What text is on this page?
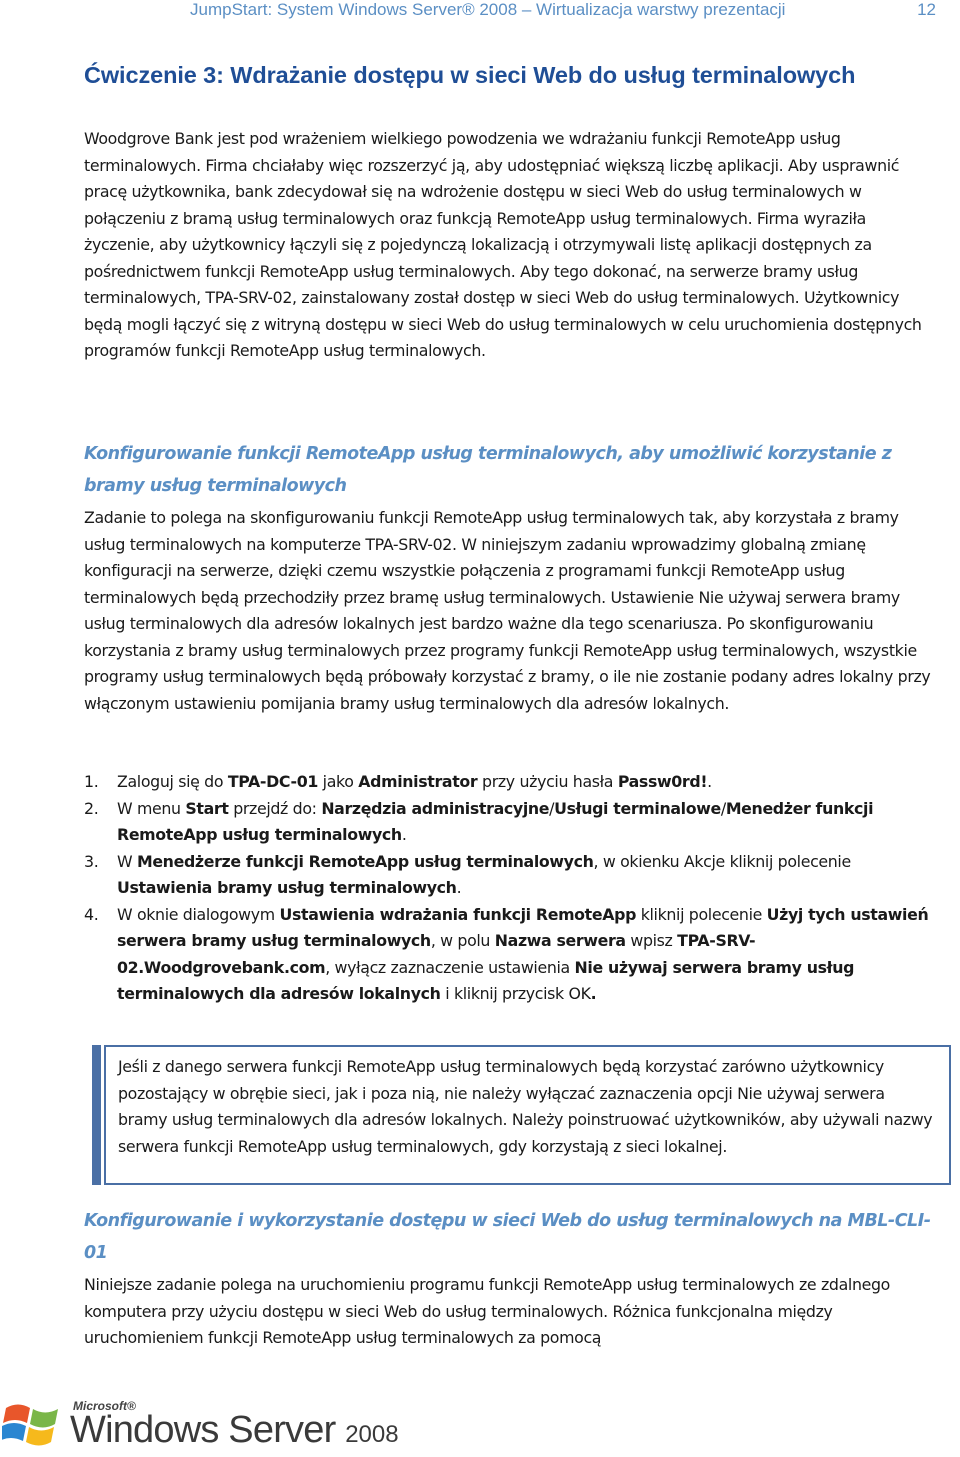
JumpStart: System Windows Server® 2008 – Wirtualizacja warstwy prezentacji	12
Ćwiczenie 3: Wdrażanie dostępu w sieci Web do usług terminalowych

Woodgrove Bank jest pod wrażeniem wielkiego powodzenia we wdrażaniu funkcji RemoteApp usług terminalowych. Firma chciałaby więc rozszerzyć ją, aby udostępniać większą liczbę aplikacji. Aby usprawnić pracę użytkownika, bank zdecydował się na wdrożenie dostępu w sieci Web do usług terminalowych w połączeniu z bramą usług terminalowych oraz funkcją RemoteApp usług terminalowych. Firma wyraziła życzenie, aby użytkownicy łączyli się z pojedynczą lokalizacją i otrzymywali listę aplikacji dostępnych za pośrednictwem funkcji RemoteApp usług terminalowych. Aby tego dokonać, na serwerze bramy usług terminalowych, TPA-SRV-02, zainstalowany został dostęp w sieci Web do usług terminalowych. Użytkownicy będą mogli łączyć się z witryną dostępu w sieci Web do usług terminalowych w celu uruchomienia dostępnych programów funkcji RemoteApp usług terminalowych.

Konfigurowanie funkcji RemoteApp usług terminalowych, aby umożliwić korzystanie z bramy usług terminalowych

Zadanie to polega na skonfigurowaniu funkcji RemoteApp usług terminalowych tak, aby korzystała z bramy usług terminalowych na komputerze TPA-SRV-02. W niniejszym zadaniu wprowadzimy globalną zmianę konfiguracji na serwerze, dzięki czemu wszystkie połączenia z programami funkcji RemoteApp usług terminalowych będą przechodziły przez bramę usług terminalowych. Ustawienie Nie używaj serwera bramy usług terminalowych dla adresów lokalnych jest bardzo ważne dla tego scenariusza. Po skonfigurowaniu korzystania z bramy usług terminalowych przez programy funkcji RemoteApp usług terminalowych, wszystkie programy usług terminalowych będą próbowały korzystać z bramy, o ile nie zostanie podany adres lokalny przy włączonym ustawieniu pomijania bramy usług terminalowych dla adresów lokalnych.

1. Zaloguj się do TPA-DC-01 jako Administrator przy użyciu hasła Passw0rd!.
2. W menu Start przejdź do: Narzędzia administracyjne/Usługi terminalowe/Menedżer funkcji RemoteApp usług terminalowych.
3. W Menedżerze funkcji RemoteApp usług terminalowych, w okienku Akcje kliknij polecenie Ustawienia bramy usług terminalowych.
4. W oknie dialogowym Ustawienia wdrażania funkcji RemoteApp kliknij polecenie Użyj tych ustawień serwera bramy usług terminalowych, w polu Nazwa serwera wpisz TPA-SRV-02.Woodgrovebank.com, wyłącz zaznaczenie ustawienia Nie używaj serwera bramy usług terminalowych dla adresów lokalnych i kliknij przycisk OK.
Jeśli z danego serwera funkcji RemoteApp usług terminalowych będą korzystać zarówno użytkownicy pozostający w obrębie sieci, jak i poza nią, nie należy wyłączać zaznaczenia opcji Nie używaj serwera bramy usług terminalowych dla adresów lokalnych. Należy poinstruować użytkowników, aby używali nazwy serwera funkcji RemoteApp usług terminalowych, gdy korzystają z sieci lokalnej.

Konfigurowanie i wykorzystanie dostępu w sieci Web do usług terminalowych na MBL-CLI-01

Niniejsze zadanie polega na uruchomieniu programu funkcji RemoteApp usług terminalowych ze zdalnego komputera przy użyciu dostępu w sieci Web do usług terminalowych. Różnica funkcjonalna między uruchomieniem funkcji RemoteApp usług terminalowych za pomocą

Microsoft®
Windows Server 2008
